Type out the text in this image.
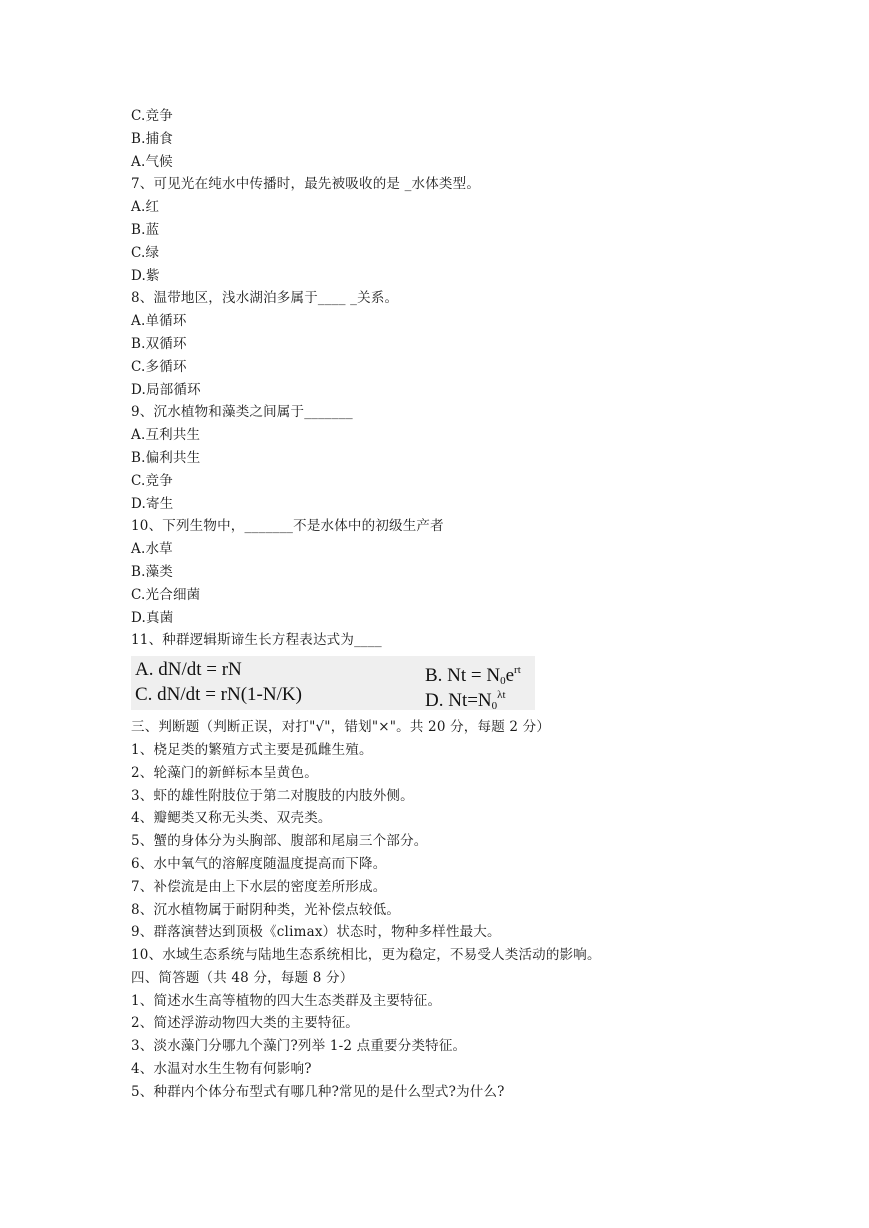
C.竞争
B.捕食
A.气候
7、可见光在纯水中传播时，最先被吸收的是 _水体类型。
A.红
B.蓝
C.绿
D.紫
8、温带地区，浅水湖泊多属于____ _关系。
A.单循环
B.双循环
C.多循环
D.局部循环
9、沉水植物和藻类之间属于_______
A.互利共生
B.偏利共生
C.竞争
D.寄生
10、下列生物中，_______不是水体中的初级生产者
A.水草
B.藻类
C.光合细菌
D.真菌
11、种群逻辑斯谛生长方程表达式为____
A. dN/dt = rN	B. $Nt = N_0e^{rt}$
C. dN/dt = rN(1-N/K)	D. $Nt=N_0^{\lambda t}$
三、判断题（判断正误，对打"√"，错划"×"。共 20 分，每题 2 分）
1、桡足类的繁殖方式主要是孤雌生殖。
2、轮藻门的新鲜标本呈黄色。
3、虾的雄性附肢位于第二对腹肢的内肢外侧。
4、瓣鳃类又称无头类、双壳类。
5、蟹的身体分为头胸部、腹部和尾扇三个部分。
6、水中氧气的溶解度随温度提高而下降。
7、补偿流是由上下水层的密度差所形成。
8、沉水植物属于耐阴种类，光补偿点较低。
9、群落演替达到顶极《climax）状态时，物种多样性最大。
10、水域生态系统与陆地生态系统相比，更为稳定，不易受人类活动的影响。
四、简答题（共 48 分，每题 8 分）
1、简述水生高等植物的四大生态类群及主要特征。
2、简述浮游动物四大类的主要特征。
3、淡水藻门分哪九个藻门?列举 1-2 点重要分类特征。
4、水温对水生生物有何影响?
5、种群内个体分布型式有哪几种?常见的是什么型式?为什么?
